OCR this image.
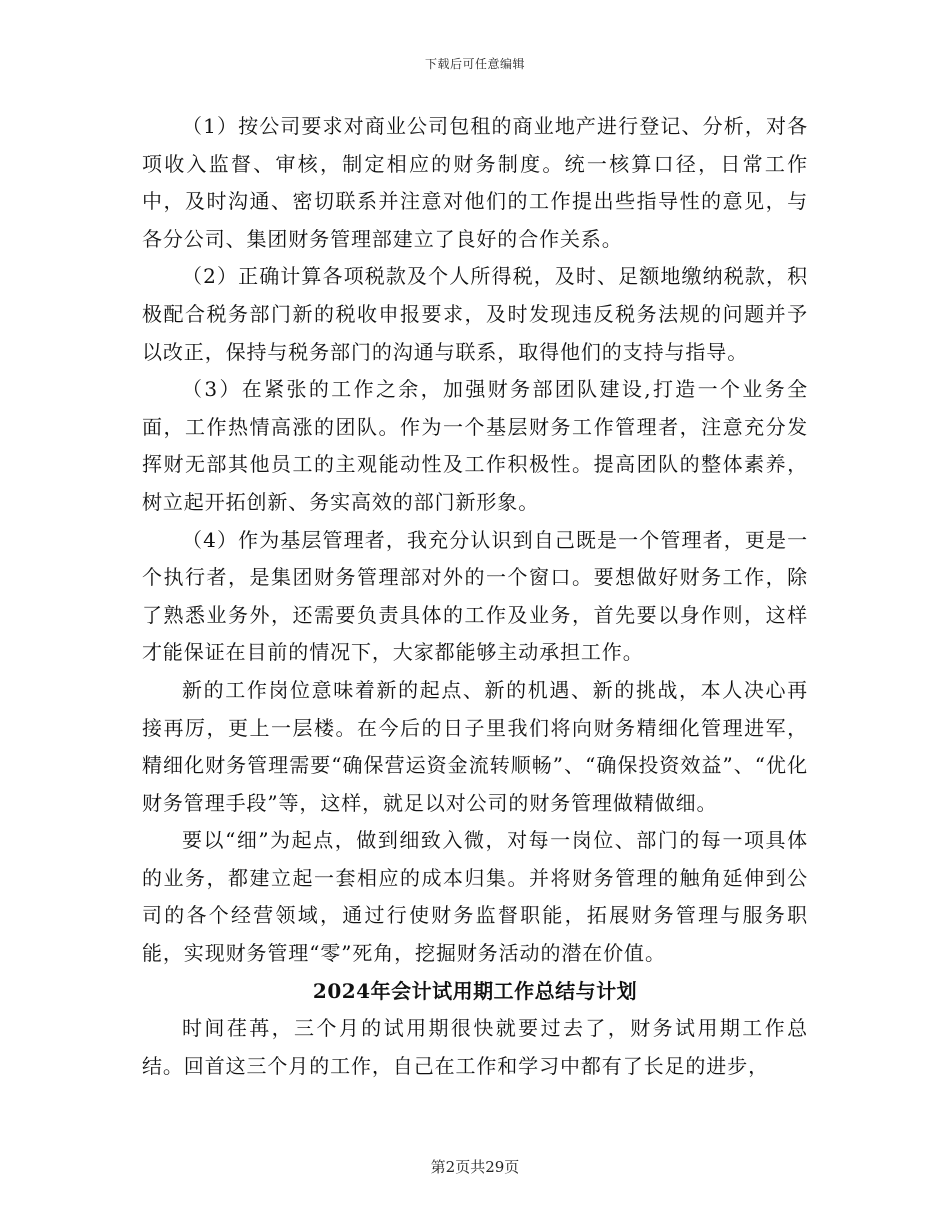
下载后可任意编辑

（1）按公司要求对商业公司包租的商业地产进行登记、分析，对各项收入监督、审核，制定相应的财务制度。统一核算口径，日常工作中，及时沟通、密切联系并注意对他们的工作提出些指导性的意见，与各分公司、集团财务管理部建立了良好的合作关系。

（2）正确计算各项税款及个人所得税，及时、足额地缴纳税款，积极配合税务部门新的税收申报要求，及时发现违反税务法规的问题并予以改正，保持与税务部门的沟通与联系，取得他们的支持与指导。

（3）在紧张的工作之余，加强财务部团队建设,打造一个业务全面，工作热情高涨的团队。作为一个基层财务工作管理者，注意充分发挥财无部其他员工的主观能动性及工作积极性。提高团队的整体素养，树立起开拓创新、务实高效的部门新形象。

（4）作为基层管理者，我充分认识到自己既是一个管理者，更是一个执行者，是集团财务管理部对外的一个窗口。要想做好财务工作，除了熟悉业务外，还需要负责具体的工作及业务，首先要以身作则，这样才能保证在目前的情况下，大家都能够主动承担工作。

新的工作岗位意味着新的起点、新的机遇、新的挑战，本人决心再接再厉，更上一层楼。在今后的日子里我们将向财务精细化管理进军，精细化财务管理需要“确保营运资金流转顺畅”、“确保投资效益”、“优化财务管理手段”等，这样，就足以对公司的财务管理做精做细。

要以“细”为起点，做到细致入微，对每一岗位、部门的每一项具体的业务，都建立起一套相应的成本归集。并将财务管理的触角延伸到公司的各个经营领域，通过行使财务监督职能，拓展财务管理与服务职能，实现财务管理“零”死角，挖掘财务活动的潜在价值。

2024年会计试用期工作总结与计划

时间荏苒，三个月的试用期很快就要过去了，财务试用期工作总结。回首这三个月的工作，自己在工作和学习中都有了长足的进步，

第2页共29页
